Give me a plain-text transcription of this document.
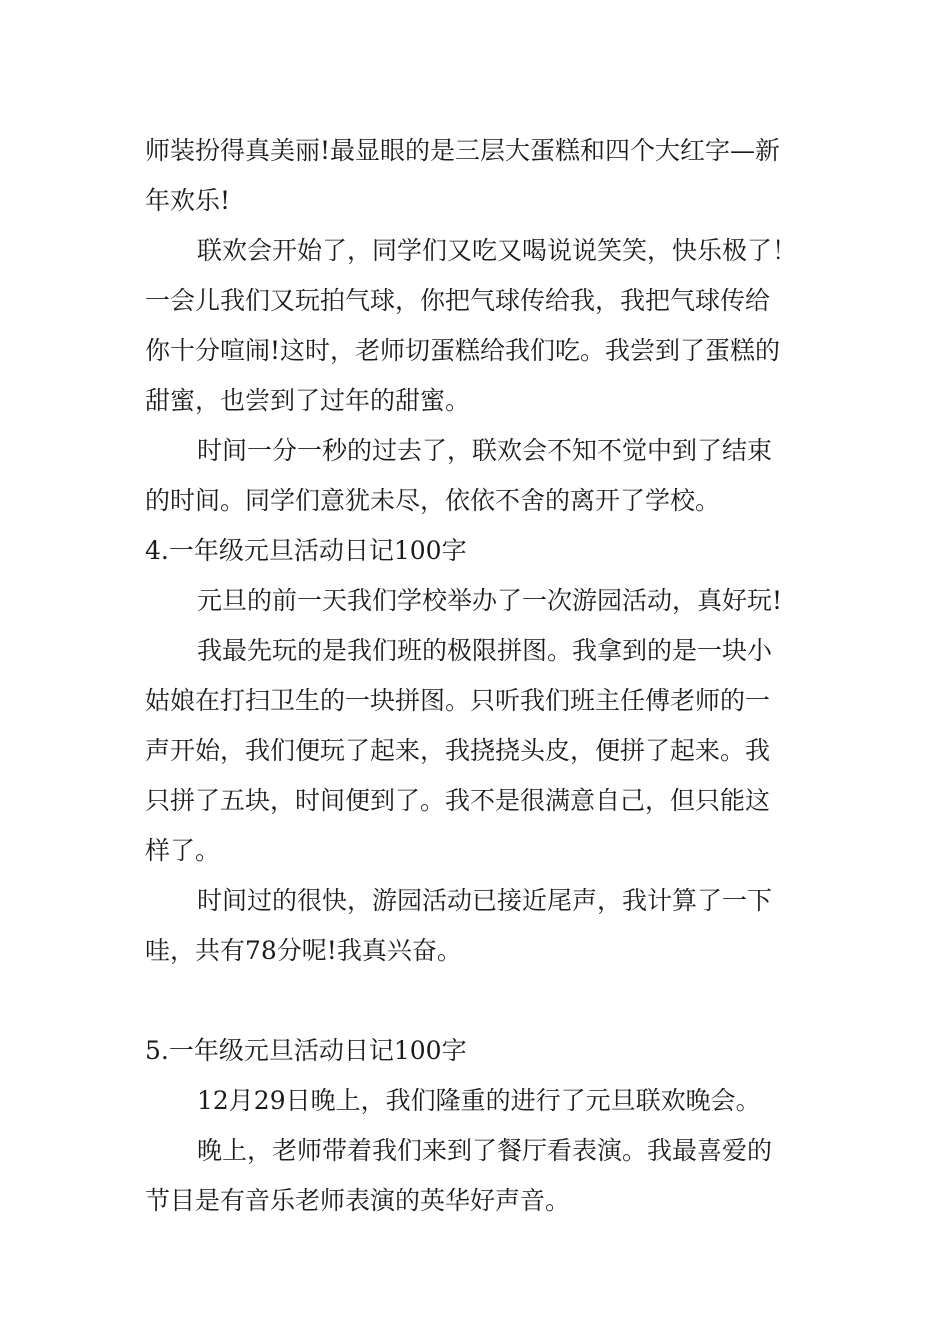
师装扮得真美丽!最显眼的是三层大蛋糕和四个大红字—新
年欢乐!
联欢会开始了，同学们又吃又喝说说笑笑，快乐极了！
一会儿我们又玩拍气球，你把气球传给我，我把气球传给
你十分喧闹!这时，老师切蛋糕给我们吃。我尝到了蛋糕的
甜蜜，也尝到了过年的甜蜜。
时间一分一秒的过去了，联欢会不知不觉中到了结束
的时间。同学们意犹未尽，依依不舍的离开了学校。
4.一年级元旦活动日记100字
元旦的前一天我们学校举办了一次游园活动，真好玩!
我最先玩的是我们班的极限拼图。我拿到的是一块小
姑娘在打扫卫生的一块拼图。只听我们班主任傅老师的一
声开始，我们便玩了起来，我挠挠头皮，便拼了起来。我
只拼了五块，时间便到了。我不是很满意自己，但只能这
样了。
时间过的很快，游园活动已接近尾声，我计算了一下
哇，共有78分呢!我真兴奋。
5.一年级元旦活动日记100字
12月29日晚上，我们隆重的进行了元旦联欢晚会。
晚上，老师带着我们来到了餐厅看表演。我最喜爱的
节目是有音乐老师表演的英华好声音。
